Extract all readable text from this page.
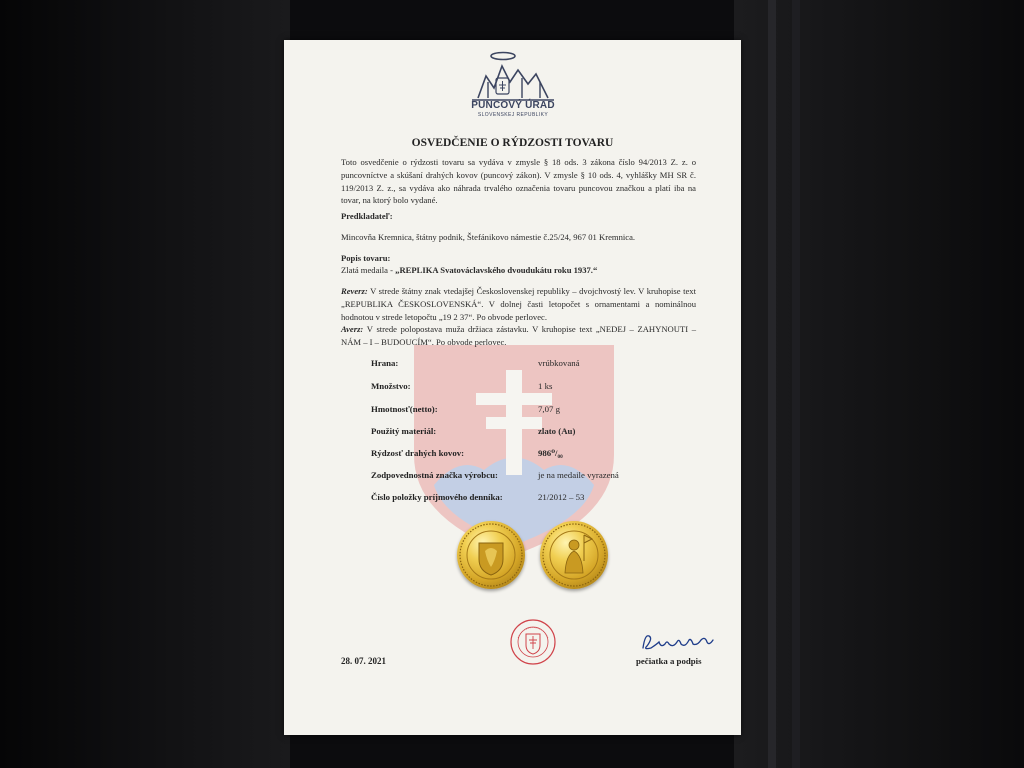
PUNCOVÝ ÚRAD
SLOVENSKEJ REPUBLIKY
OSVEDČENIE O RÝDZOSTI TOVARU
Toto osvedčenie o rýdzosti tovaru sa vydáva v zmysle § 18 ods. 3 zákona číslo 94/2013 Z. z. o puncovníctve a skúšaní drahých kovov (puncový zákon). V zmysle § 10 ods. 4, vyhlášky MH SR č. 119/2013 Z. z., sa vydáva ako náhrada trvalého označenia tovaru puncovou značkou a platí iba na tovar, na ktorý bolo vydané.
Predkladateľ:
Mincovňa Kremnica, štátny podnik, Štefánikovo námestie č.25/24, 967 01 Kremnica.
Popis tovaru:
Zlatá medaila - „REPLIKA Svatováclavského dvoudukátu roku 1937.“
Reverz: V strede štátny znak vtedajšej Československej republiky – dvojchvostý lev. V kruhopise text „REPUBLIKA ČESKOSLOVENSKÁ“. V dolnej časti letopočet s ornamentami a nominálnou hodnotou v strede letopočtu „19 2 37“. Po obvode perlovec.
Averz: V strede polopostava muža držiaca zástavku. V kruhopise text „NEDEJ – ZAHYNOUTI – NÁM – I – BUDOUCÍM“. Po obvode perlovec.
Hrana:	vrúbkovaná
Množstvo:	1 ks
Hmotnosť(netto):	7,07 g
Použitý materiál:	zlato (Au)
Rýdzosť drahých kovov:	986⁰/₀₀
Zodpovednostná značka výrobcu:	je na medaile vyrazená
Číslo položky príjmového denníka:	21/2012 – 53
28. 07. 2021	pečiatka a podpis
